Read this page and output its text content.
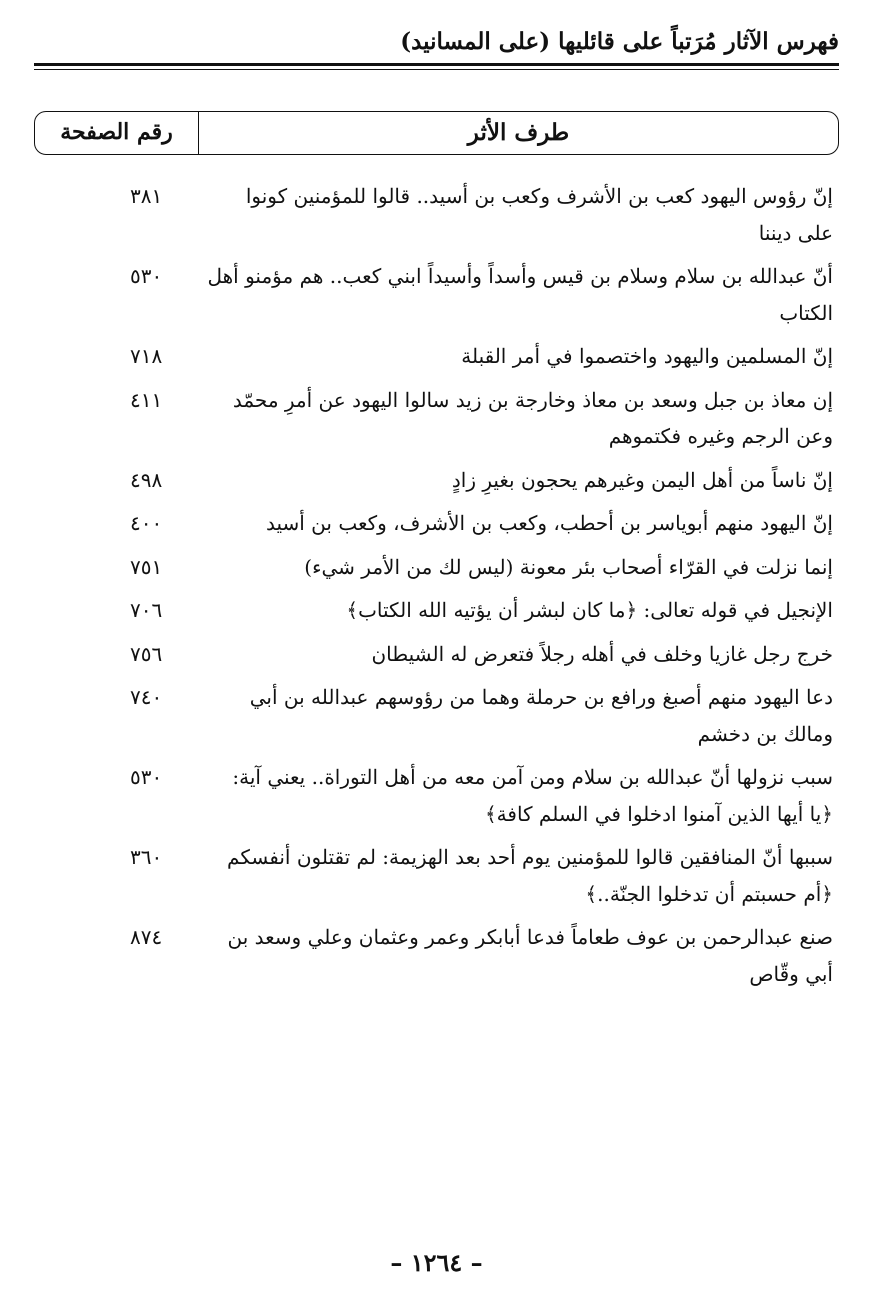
فهرس الآثار مُرَتباً على قائليها (على المسانيد)
طرف الأثر
رقم الصفحة
إنّ رؤوس اليهود كعب بن الأشرف وكعب بن أسيد.. قالوا للمؤمنين كونوا على ديننا
٣٨١
أنّ عبدالله بن سلام وسلام بن قيس وأسداً وأسيداً ابني كعب.. هم مؤمنو أهل الكتاب
٥٣٠
إنّ المسلمين واليهود واختصموا في أمر القبلة
٧١٨
إن معاذ بن جبل وسعد بن معاذ وخارجة بن زيد سالوا اليهود عن أمرِ محمّد وعن الرجم وغيره فكتموهم
٤١١
إنّ ناساً من أهل اليمن وغيرهم يحجون بغيرِ زادٍ
٤٩٨
إنّ اليهود منهم أبوياسر بن أحطب، وكعب بن الأشرف، وكعب بن أسيد
٤٠٠
إنما نزلت في القرّاء أصحاب بئر معونة (ليس لك من الأمر شيء)
٧٥١
الإنجيل في قوله تعالى: ﴿ما كان لبشر أن يؤتيه الله الكتاب﴾
٧٠٦
خرج رجل غازيا وخلف في أهله رجلاً فتعرض له الشيطان
٧٥٦
دعا اليهود منهم أصبغ ورافع بن حرملة وهما من رؤوسهم عبدالله بن أبي ومالك بن دخشم
٧٤٠
سبب نزولها أنّ عبدالله بن سلام ومن آمن معه من أهل التوراة.. يعني آية: ﴿يا أيها الذين آمنوا ادخلوا في السلم كافة﴾
٥٣٠
سببها أنّ المنافقين قالوا للمؤمنين يوم أحد بعد الهزيمة: لم تقتلون أنفسكم ﴿أم حسبتم أن تدخلوا الجنّة..﴾
٣٦٠
صنع عبدالرحمن بن عوف طعاماً فدعا أبابكر وعمر وعثمان وعلي وسعد بن أبي وقّاص
٨٧٤
– ١٢٦٤ –
